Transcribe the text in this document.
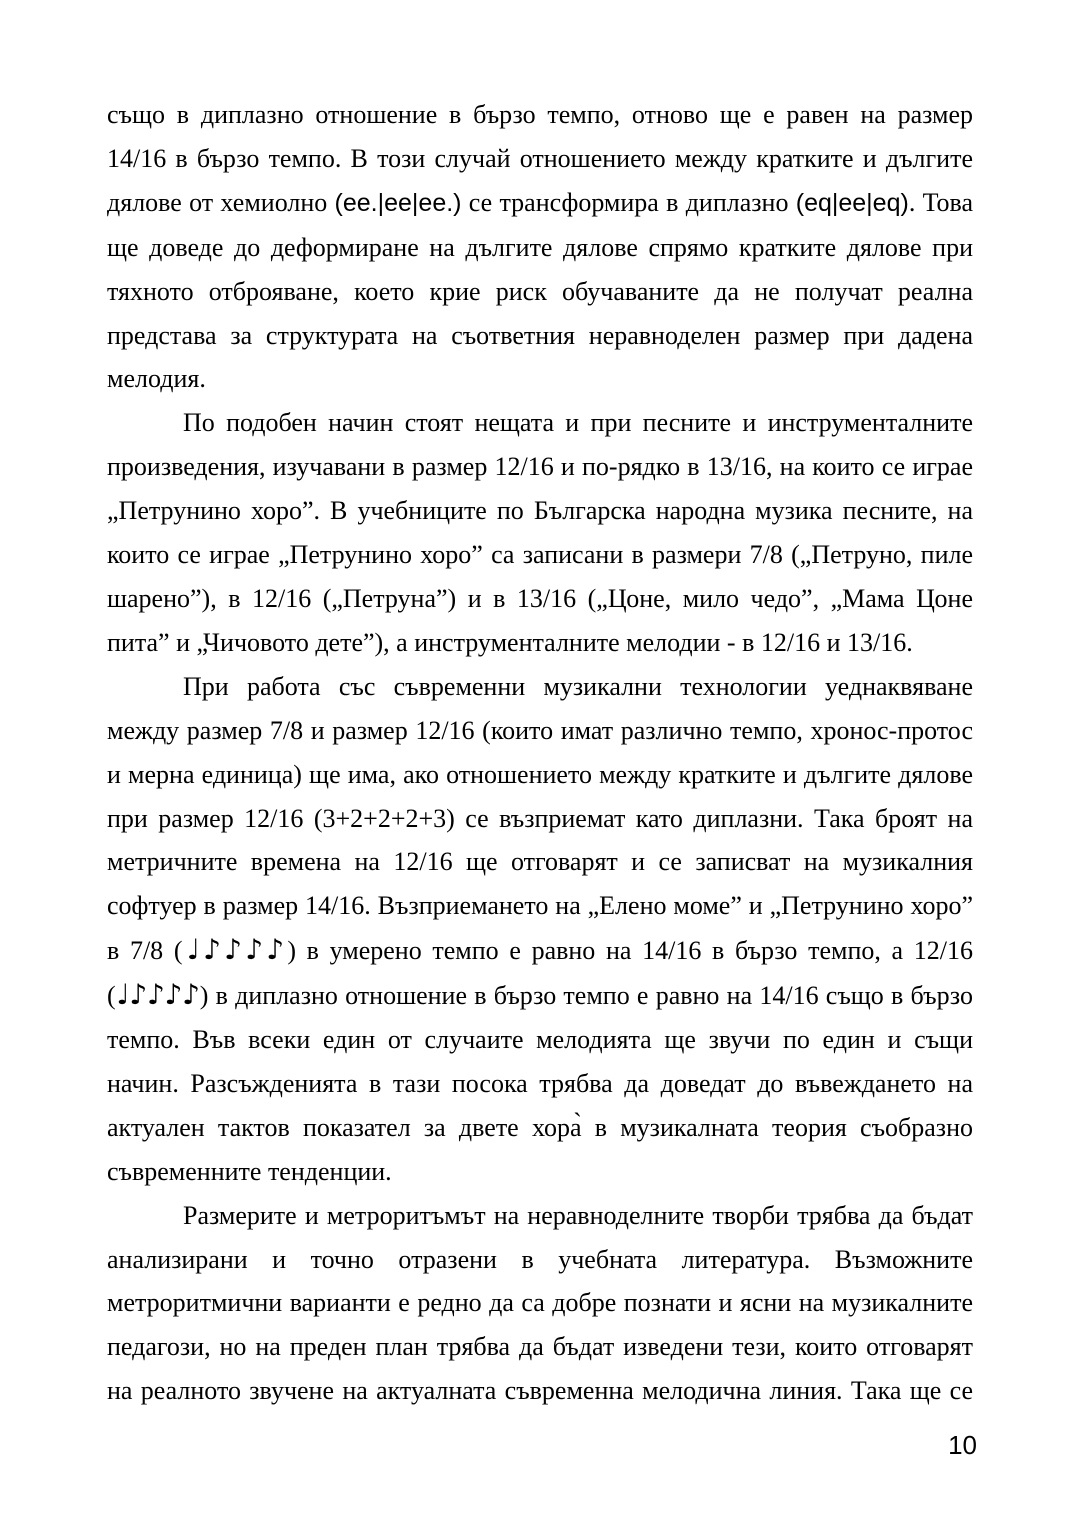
също в диплазно отношение в бързо темпо, отново ще е равен на размер 14/16 в бързо темпо. В този случай отношението между кратките и дългите дялове от хемиолно (ee.|ee|ee.) се трансформира в диплазно (eq|ee|eq). Това ще доведе до деформиране на дългите дялове спрямо кратките дялове при тяхното отброяване, което крие риск обучаваните да не получат реална представа за структурата на съответния неравноделен размер при дадена мелодия.

По подобен начин стоят нещата и при песните и инструменталните произведения, изучавани в размер 12/16 и по-рядко в 13/16, на които се играе „Петрунино хоро”. В учебниците по Българска народна музика песните, на които се играе „Петрунино хоро” са записани в размери 7/8 („Петруно, пиле шарено”), в 12/16 („Петруна”) и в 13/16 („Цоне, мило чедо”, „Мама Цоне пита” и „Чичовото дете”), а инструменталните мелодии - в 12/16 и 13/16.

При работа със съвременни музикални технологии уеднаквяване между размер 7/8 и размер 12/16 (които имат различно темпо, хронос-протос и мерна единица) ще има, ако отношението между кратките и дългите дялове при размер 12/16 (3+2+2+2+3) се възприемат като диплазни. Така броят на метричните времена на 12/16 ще отговарят и се записват на музикалния софтуер в размер 14/16. Възприемането на „Елено моме” и „Петрунино хоро” в 7/8 (♩♪♪♪♪) в умерено темпо е равно на 14/16 в бързо темпо, а 12/16 (♩♪♪♪♪) в диплазно отношение в бързо темпо е равно на 14/16 също в бързо темпо. Във всеки един от случаите мелодията ще звучи по един и същи начин. Разсъжденията в тази посока трябва да доведат до въвеждането на актуален тактов показател за двете хора̀ в музикалната теория съобразно съвременните тенденции.

Размерите и метроритъмът на неравноделните творби трябва да бъдат анализирани и точно отразени в учебната литература. Възможните метроритмични варианти е редно да са добре познати и ясни на музикалните педагози, но на преден план трябва да бъдат изведени тези, които отговарят на реалното звучене на актуалната съвременна мелодична линия. Така ще се

10
